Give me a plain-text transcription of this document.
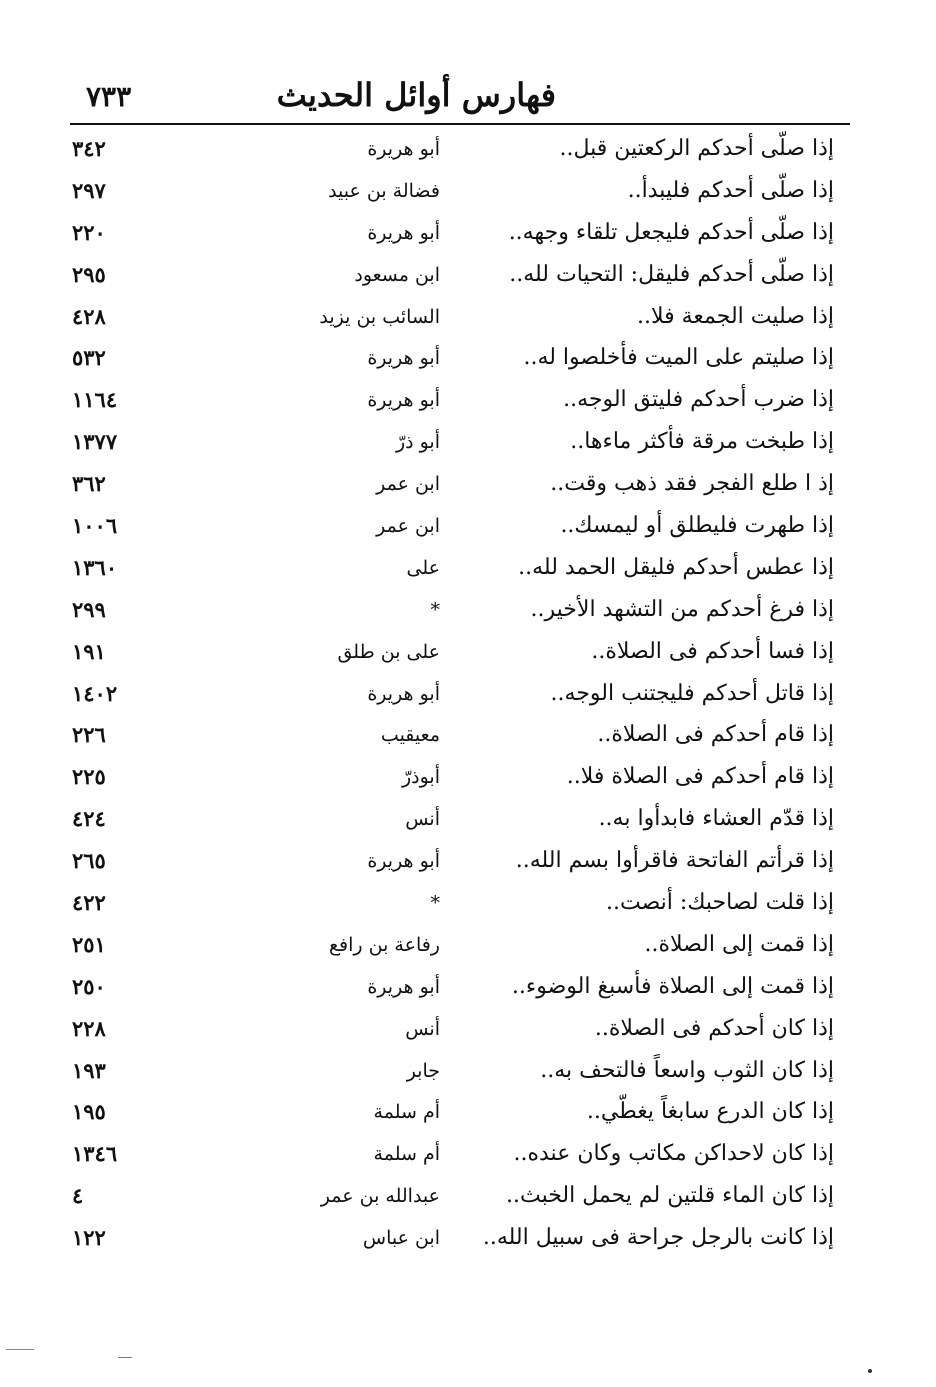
فهارس أوائل الحديث
٧٣٣
إذا صلّى أحدكم الركعتين قبل..
أبو هريرة
٣٤٢
إذا صلّى أحدكم فليبدأ..
فضالة بن عبيد
٢٩٧
إذا صلّى أحدكم فليجعل تلقاء وجهه..
أبو هريرة
٢٢٠
إذا صلّى أحدكم فليقل: التحيات لله..
ابن مسعود
٢٩٥
إذا صليت الجمعة فلا..
السائب بن يزيد
٤٢٨
إذا صليتم على الميت فأخلصوا له..
أبو هريرة
٥٣٢
إذا ضرب أحدكم فليتق الوجه..
أبو هريرة
١١٦٤
إذا طبخت مرقة فأكثر ماءها..
أبو ذرّ
١٣٧٧
إذ ا طلع الفجر فقد ذهب وقت..
ابن عمر
٣٦٢
إذا طهرت فليطلق أو ليمسك..
ابن عمر
١٠٠٦
إذا عطس أحدكم فليقل الحمد لله..
على
١٣٦٠
إذا فرغ أحدكم من التشهد الأخير..
*
٢٩٩
إذا فسا أحدكم فى الصلاة..
على بن طلق
١٩١
إذا قاتل أحدكم فليجتنب الوجه..
أبو هريرة
١٤٠٢
إذا قام أحدكم فى الصلاة..
معيقيب
٢٢٦
إذا قام أحدكم فى الصلاة فلا..
أبوذرّ
٢٢٥
إذا قدّم العشاء فابدأوا به..
أنس
٤٢٤
إذا قرأتم الفاتحة فاقرأوا بسم الله..
أبو هريرة
٢٦٥
إذا قلت لصاحبك: أنصت..
*
٤٢٢
إذا قمت إلى الصلاة..
رفاعة بن رافع
٢٥١
إذا قمت إلى الصلاة فأسبغ الوضوء..
أبو هريرة
٢٥٠
إذا كان أحدكم فى الصلاة..
أنس
٢٢٨
إذا كان الثوب واسعاً فالتحف به..
جابر
١٩٣
إذا كان الدرع سابغاً يغطّي..
أم سلمة
١٩٥
إذا كان لاحداكن مكاتب وكان عنده..
أم سلمة
١٣٤٦
إذا كان الماء قلتين لم يحمل الخبث..
عبدالله بن عمر
٤
إذا كانت بالرجل جراحة فى سبيل الله..
ابن عباس
١٢٢
